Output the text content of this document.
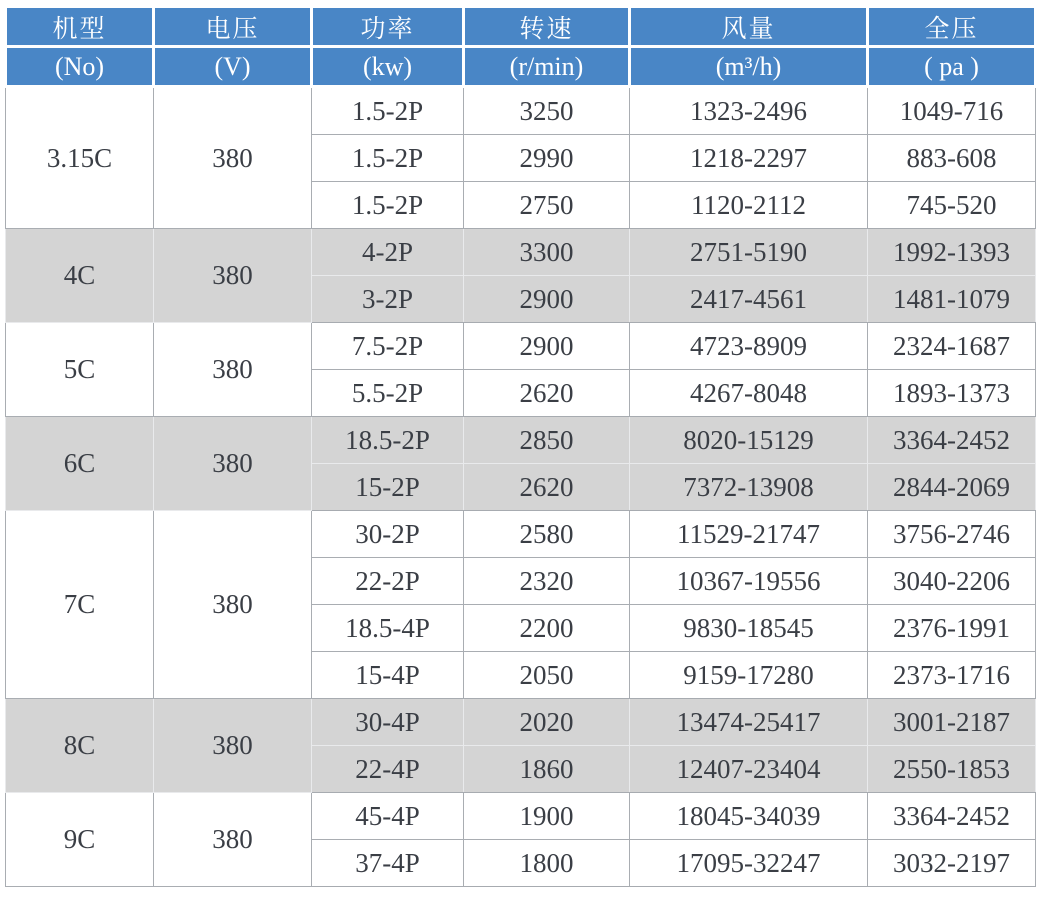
机型	电压	功率	转速	风量	全压
(No)	(V)	(kw)	(r/min)	(m³/h)	( pa )
3.15C	380	1.5-2P	3250	1323-2496	1049-716
		1.5-2P	2990	1218-2297	883-608
		1.5-2P	2750	1120-2112	745-520
4C	380	4-2P	3300	2751-5190	1992-1393
		3-2P	2900	2417-4561	1481-1079
5C	380	7.5-2P	2900	4723-8909	2324-1687
		5.5-2P	2620	4267-8048	1893-1373
6C	380	18.5-2P	2850	8020-15129	3364-2452
		15-2P	2620	7372-13908	2844-2069
7C	380	30-2P	2580	11529-21747	3756-2746
		22-2P	2320	10367-19556	3040-2206
		18.5-4P	2200	9830-18545	2376-1991
		15-4P	2050	9159-17280	2373-1716
8C	380	30-4P	2020	13474-25417	3001-2187
		22-4P	1860	12407-23404	2550-1853
9C	380	45-4P	1900	18045-34039	3364-2452
		37-4P	1800	17095-32247	3032-2197
